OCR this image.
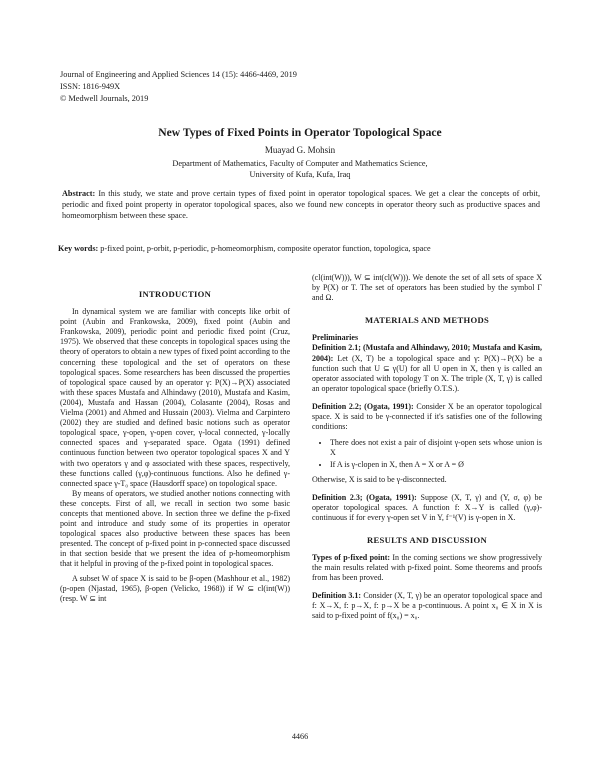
Journal of Engineering and Applied Sciences 14 (15): 4466-4469, 2019
ISSN: 1816-949X
© Medwell Journals, 2019
New Types of Fixed Points in Operator Topological Space
Muayad G. Mohsin
Department of Mathematics, Faculty of Computer and Mathematics Science,
University of Kufa, Kufa, Iraq
Abstract: In this study, we state and prove certain types of fixed point in operator topological spaces. We get a clear the concepts of orbit, periodic and fixed point property in operator topological spaces, also we found new concepts in operator theory such as productive spaces and homeomorphism between these space.
Key words: p-fixed point, p-orbit, p-periodic, p-homeomorphism, composite operator function, topologica, space
INTRODUCTION

In dynamical system we are familiar with concepts like orbit of point (Aubin and Frankowska, 2009), fixed point (Aubin and Frankowska, 2009), periodic point and periodic fixed point (Cruz, 1975). We observed that these concepts in topological spaces using the theory of operators to obtain a new types of fixed point according to the concerning these topological and the set of operators on these topological spaces. Some researchers has been discussed the properties of topological space caused by an operator γ: P(X)→P(X) associated with these spaces Mustafa and Alhindawy (2010), Mustafa and Kasim, (2004), Mustafa and Hassan (2004), Colasante (2004), Rosas and Vielma (2001) and Ahmed and Hussain (2003). Vielma and Carpintero (2002) they are studied and defined basic notions such as operator topological space, γ-open, γ-open cover, γ-local connected, γ-locally connected spaces and γ-separated space. Ogata (1991) defined continuous function between two operator topological spaces X and Y with two operators γ and φ associated with these spaces, respectively, these functions called (γ,φ)-continuous functions. Also he defined γ-connected space γ-T₀ space (Hausdorff space) on topological space.

By means of operators, we studied another notions connecting with these concepts. First of all, we recall in section two some basic concepts that mentioned above. In section three we define the p-fixed point and introduce and study some of its properties in operator topological spaces also productive between these spaces has been presented. The concept of p-fixed point in p-connected space discussed in that section beside that we present the idea of p-homeomorphism that it helpful in proving of the p-fixed point in topological spaces.

A subset W of space X is said to be β-open (Mashhour et al., 1982) (p-open (Njastad, 1965), β-open (Velicko, 1968)) if W ⊆ cl(int(W)) (resp. W ⊆ int

(cl(int(W))), W ⊆ int(cl(W))). We denote the set of all sets of space X by P(X) or T. The set of operators has been studied by the symbol Γ and Ω.

MATERIALS AND METHODS

Preliminaries

Definition 2.1; (Mustafa and Alhindawy, 2010; Mustafa and Kasim, 2004): Let (X, T) be a topological space and γ: P(X)→P(X) be a function such that U ⊆ γ(U) for all U open in X, then γ is called an operator associated with topology T on X. The triple (X, T, γ) is called an operator topological space (briefly O.T.S.).

Definition 2.2; (Ogata, 1991): Consider X be an operator topological space. X is said to be γ-connected if it's satisfies one of the following conditions:

• There does not exist a pair of disjoint γ-open sets whose union is X
• If A is γ-clopen in X, then A = X or A = Ø

Otherwise, X is said to be γ-disconnected.

Definition 2.3; (Ogata, 1991): Suppose (X, T, γ) and (Y, σ, φ) be operator topological spaces. A function f: X→Y is called (γ,φ)-continuous if for every γ-open set V in Y, f⁻¹(V) is γ-open in X.

RESULTS AND DISCUSSION

Types of p-fixed point: In the coming sections we show progressively the main results related with p-fixed point. Some theorems and proofs from has been proved.

Definition 3.1: Consider (X, T, γ) be an operator topological space and f: X→X, f: p→X, f: p→X be a p-continuous. A point x₀ ∈ X in X is said to p-fixed point of f(x₀) = x₀.

4466
